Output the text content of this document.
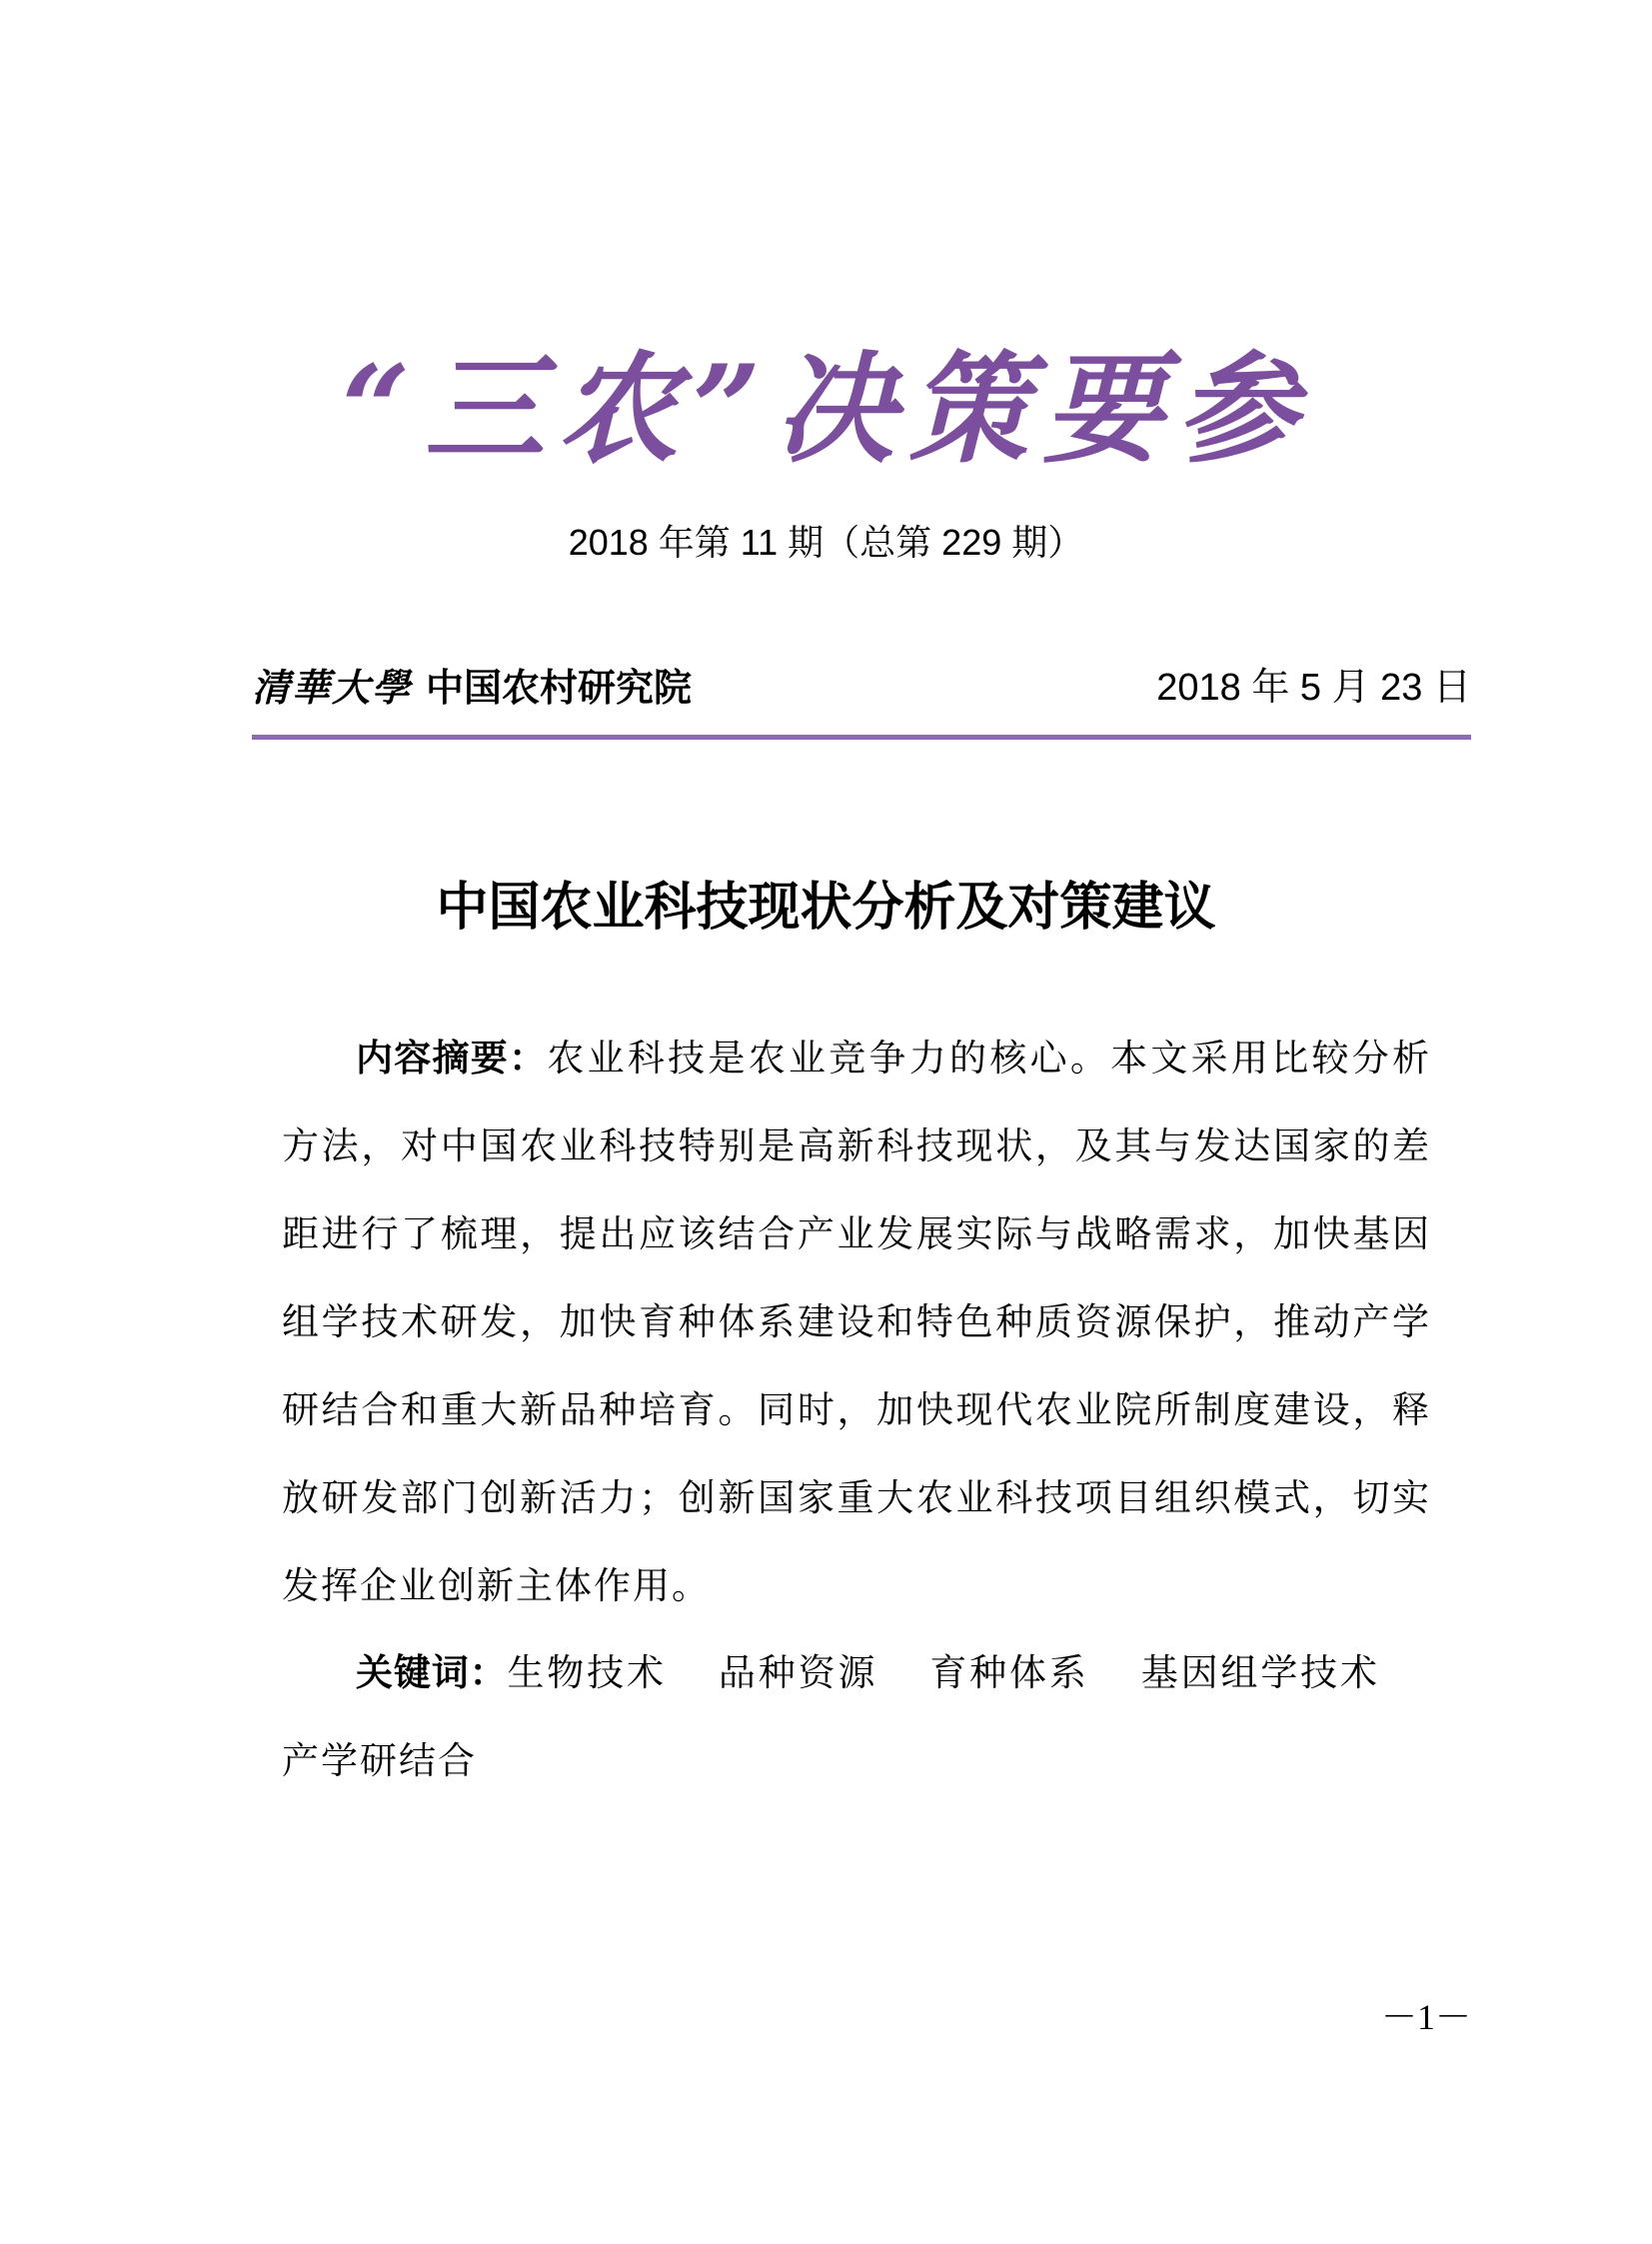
“三农”决策要参
2018 年第 11 期（总第 229 期）
清華大學 中国农村研究院	2018 年 5 月 23 日
中国农业科技现状分析及对策建议

内容摘要：农业科技是农业竞争力的核心。本文采用比较分析方法，对中国农业科技特别是高新科技现状，及其与发达国家的差距进行了梳理，提出应该结合产业发展实际与战略需求，加快基因组学技术研发，加快育种体系建设和特色种质资源保护，推动产学研结合和重大新品种培育。同时，加快现代农业院所制度建设，释放研发部门创新活力；创新国家重大农业科技项目组织模式，切实发挥企业创新主体作用。

关键词：生物技术 品种资源 育种体系 基因组学技术产学研结合

－1－
